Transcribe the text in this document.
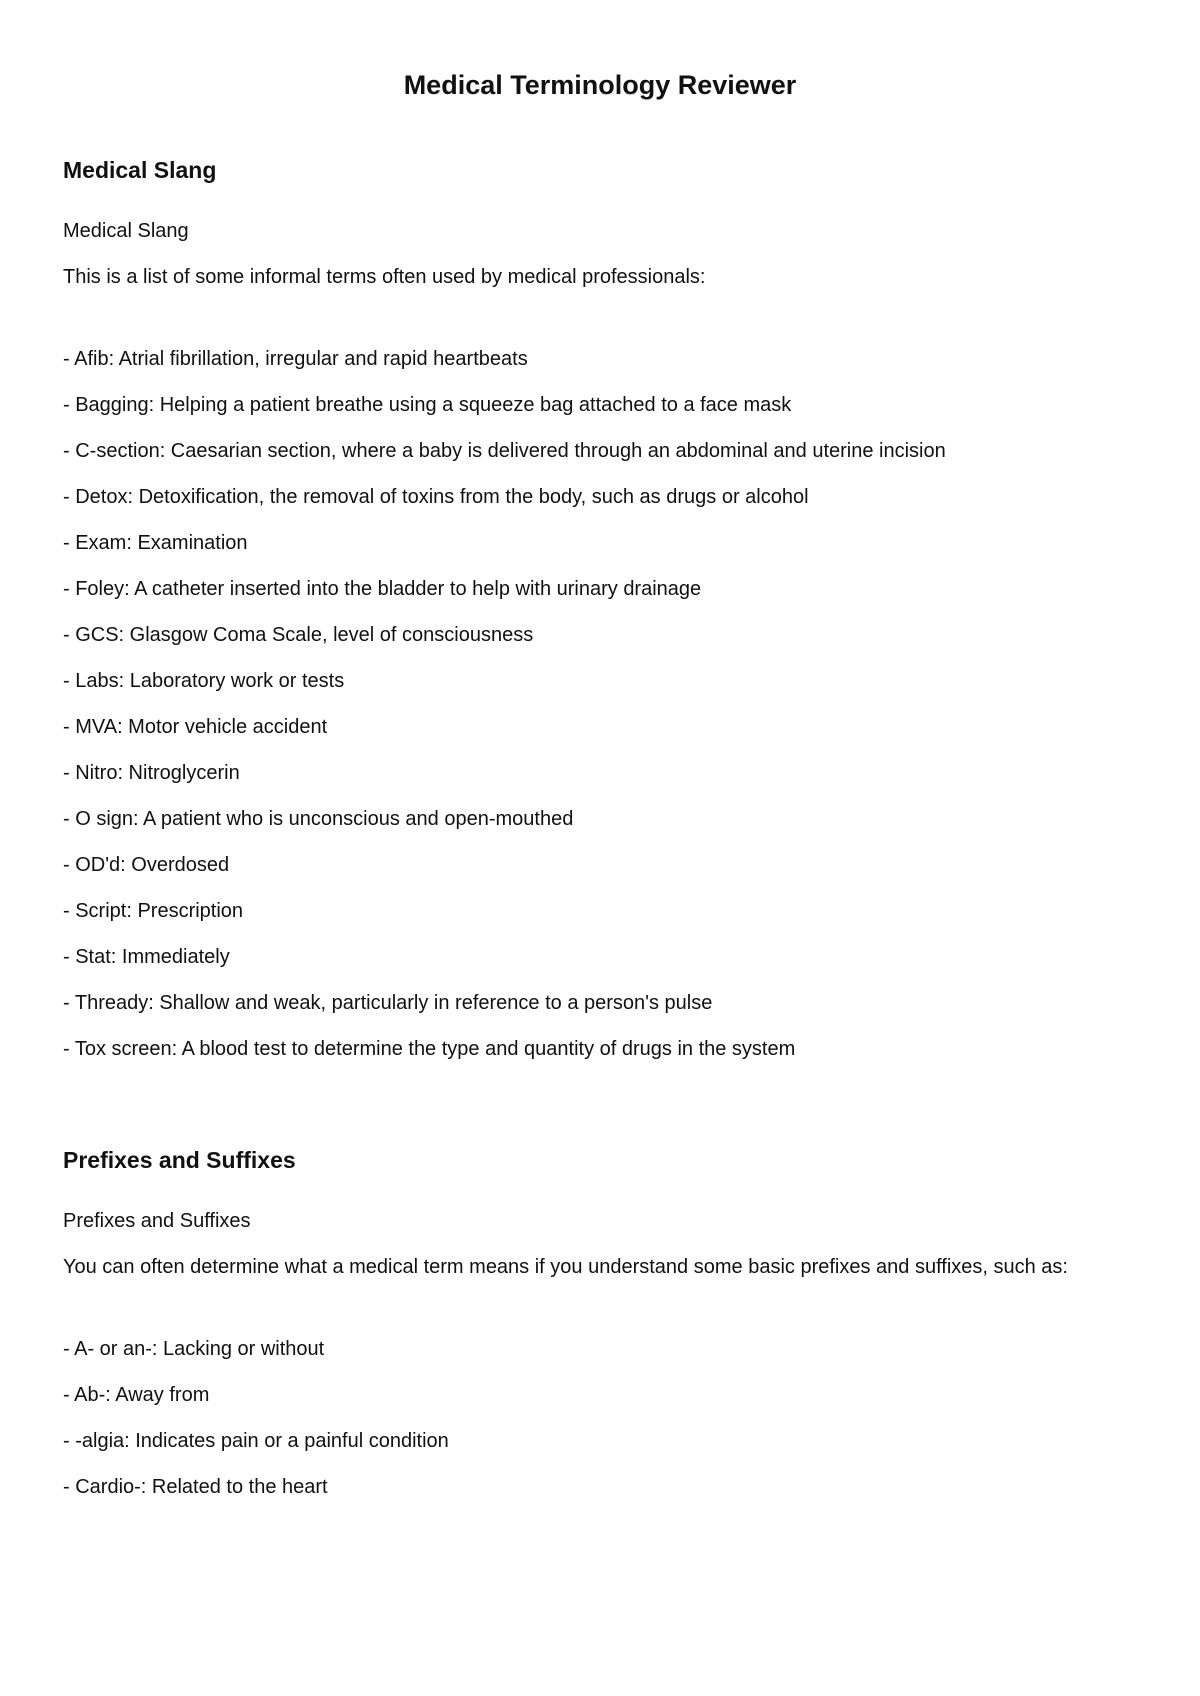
Medical Terminology Reviewer
Medical Slang

Medical Slang

This is a list of some informal terms often used by medical professionals:

- Afib: Atrial fibrillation, irregular and rapid heartbeats
- Bagging: Helping a patient breathe using a squeeze bag attached to a face mask
- C-section: Caesarian section, where a baby is delivered through an abdominal and uterine incision
- Detox: Detoxification, the removal of toxins from the body, such as drugs or alcohol
- Exam: Examination
- Foley: A catheter inserted into the bladder to help with urinary drainage
- GCS: Glasgow Coma Scale, level of consciousness
- Labs: Laboratory work or tests
- MVA: Motor vehicle accident
- Nitro: Nitroglycerin
- O sign: A patient who is unconscious and open-mouthed
- OD'd: Overdosed
- Script: Prescription
- Stat: Immediately
- Thready: Shallow and weak, particularly in reference to a person's pulse
- Tox screen: A blood test to determine the type and quantity of drugs in the system
Prefixes and Suffixes

Prefixes and Suffixes

You can often determine what a medical term means if you understand some basic prefixes and suffixes, such as:

- A- or an-: Lacking or without
- Ab-: Away from
- -algia: Indicates pain or a painful condition
- Cardio-: Related to the heart
